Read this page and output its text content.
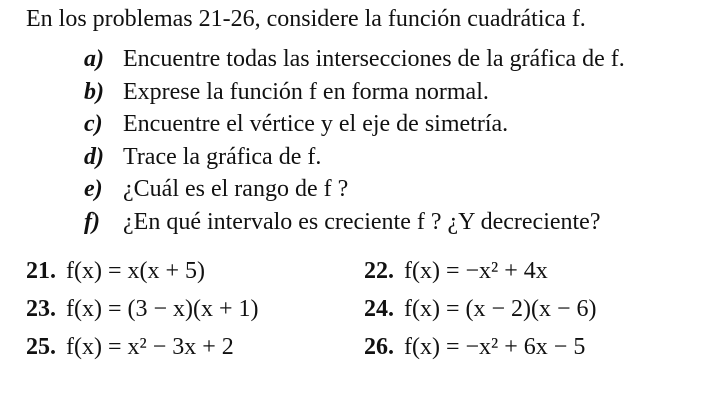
En los problemas 21-26, considere la función cuadrática f.
a) Encuentre todas las intersecciones de la gráfica de f.
b) Exprese la función f en forma normal.
c) Encuentre el vértice y el eje de simetría.
d) Trace la gráfica de f.
e) ¿Cuál es el rango de f ?
f) ¿En qué intervalo es creciente f ? ¿Y decreciente?
21. f(x) = x(x + 5)	22. f(x) = −x² + 4x
23. f(x) = (3 − x)(x + 1)	24. f(x) = (x − 2)(x − 6)
25. f(x) = x² − 3x + 2	26. f(x) = −x² + 6x − 5
